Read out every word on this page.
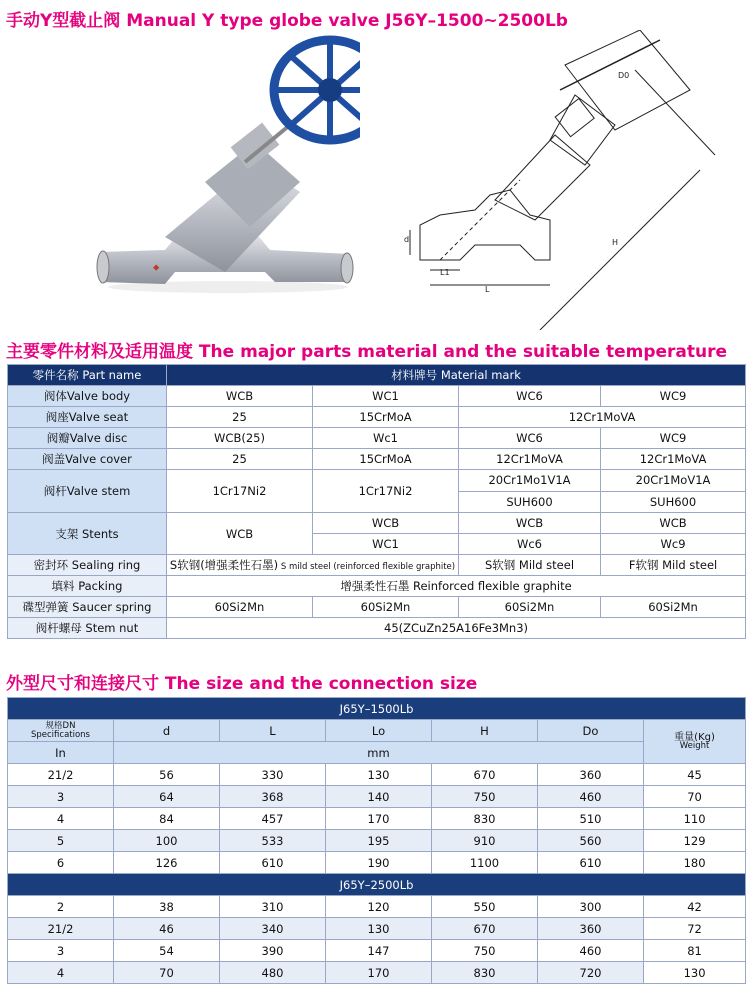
手动Y型截止阀 Manual Y type globe valve J56Y–1500~2500Lb
⬥
D0
H
d
L1
L
主要零件材料及适用温度 The major parts material and the suitable temperature
零件名称 Part name	材料牌号 Material mark			
阀体Valve body	WCB	WC1	WC6	WC9
阀座Valve seat	25	15CrMoA	12Cr1MoVA	
阀瓣Valve disc	WCB(25)	Wc1	WC6	WC9
阀盖Valve cover	25	15CrMoA	12Cr1MoVA	12Cr1MoVA
阀杆Valve stem	1Cr17Ni2	1Cr17Ni2	20Cr1Mo1V1A	20Cr1MoV1A
			SUH600	SUH600
支架 Stents	WCB	WCB	WCB	WCB
		WC1	Wc6	Wc9
密封环 Sealing ring	S软钢(增强柔性石墨) S mild steel (reinforced flexible graphite)		S软钢 Mild steel	F软钢 Mild steel
填料 Packing	增强柔性石墨 Reinforced flexible graphite			
碟型弹簧 Saucer spring	60Si2Mn	60Si2Mn	60Si2Mn	60Si2Mn
阀杆螺母 Stem nut	45(ZCuZn25A16Fe3Mn3)			
外型尺寸和连接尺寸 The size and the connection size
J65Y–1500Lb						

规格DN
Specifications	d	L	Lo	H	Do	重量(Kg)
Weight

In	mm					
21/2	56	330	130	670	360	45
3	64	368	140	750	460	70
4	84	457	170	830	510	110
5	100	533	195	910	560	129
6	126	610	190	1100	610	180
J65Y–2500Lb						
2	38	310	120	550	300	42
21/2	46	340	130	670	360	72
3	54	390	147	750	460	81
4	70	480	170	830	720	130
